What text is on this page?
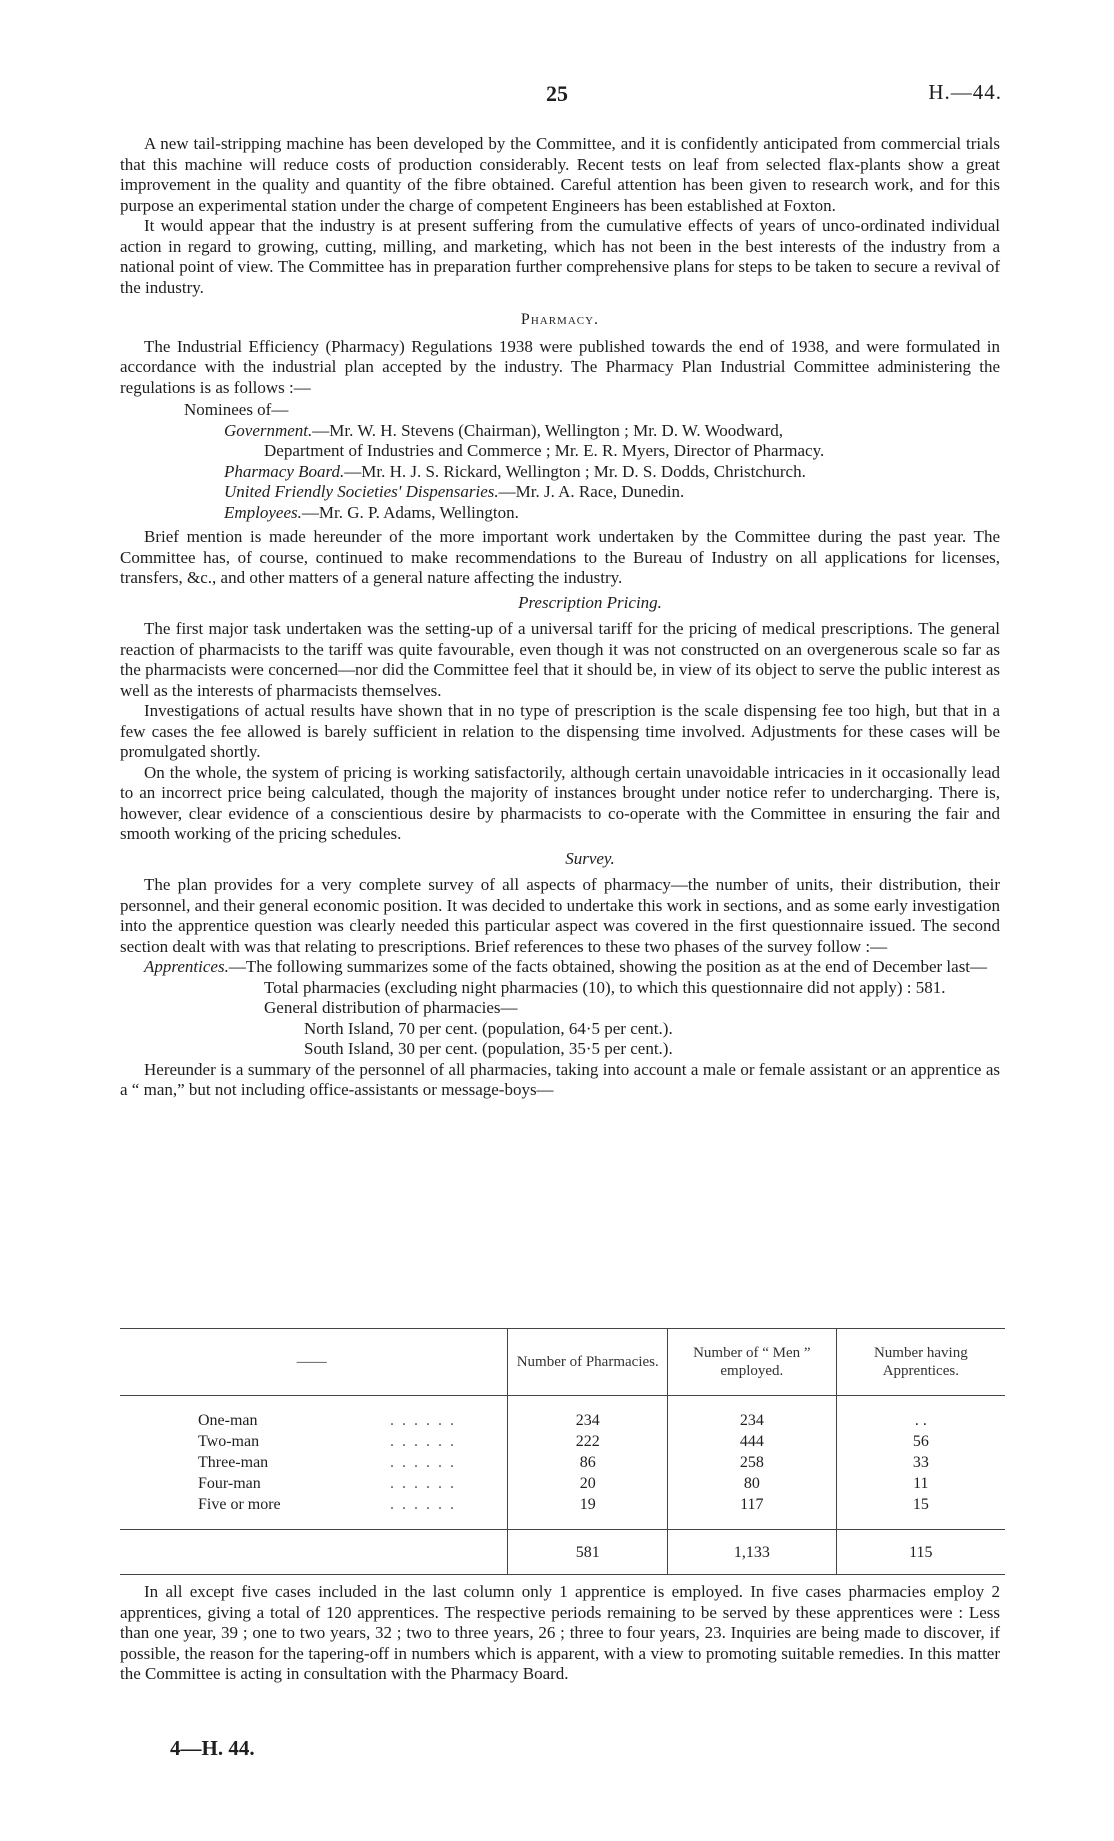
25	H.—44.

A new tail-stripping machine has been developed by the Committee, and it is confidently anticipated from commercial trials that this machine will reduce costs of production considerably. Recent tests on leaf from selected flax-plants show a great improvement in the quality and quantity of the fibre obtained. Careful attention has been given to research work, and for this purpose an experimental station under the charge of competent Engineers has been established at Foxton.

It would appear that the industry is at present suffering from the cumulative effects of years of unco-ordinated individual action in regard to growing, cutting, milling, and marketing, which has not been in the best interests of the industry from a national point of view. The Committee has in preparation further comprehensive plans for steps to be taken to secure a revival of the industry.

Pharmacy.

The Industrial Efficiency (Pharmacy) Regulations 1938 were published towards the end of 1938, and were formulated in accordance with the industrial plan accepted by the industry. The Pharmacy Plan Industrial Committee administering the regulations is as follows :—

Nominees of—
Government.—Mr. W. H. Stevens (Chairman), Wellington ; Mr. D. W. Woodward,
Department of Industries and Commerce ; Mr. E. R. Myers, Director of Pharmacy.
Pharmacy Board.—Mr. H. J. S. Rickard, Wellington ; Mr. D. S. Dodds, Christchurch.
United Friendly Societies' Dispensaries.—Mr. J. A. Race, Dunedin.
Employees.—Mr. G. P. Adams, Wellington.

Brief mention is made hereunder of the more important work undertaken by the Committee during the past year. The Committee has, of course, continued to make recommendations to the Bureau of Industry on all applications for licenses, transfers, &c., and other matters of a general nature affecting the industry.

Prescription Pricing.

The first major task undertaken was the setting-up of a universal tariff for the pricing of medical prescriptions. The general reaction of pharmacists to the tariff was quite favourable, even though it was not constructed on an overgenerous scale so far as the pharmacists were concerned—nor did the Committee feel that it should be, in view of its object to serve the public interest as well as the interests of pharmacists themselves.

Investigations of actual results have shown that in no type of prescription is the scale dispensing fee too high, but that in a few cases the fee allowed is barely sufficient in relation to the dispensing time involved. Adjustments for these cases will be promulgated shortly.

On the whole, the system of pricing is working satisfactorily, although certain unavoidable intricacies in it occasionally lead to an incorrect price being calculated, though the majority of instances brought under notice refer to undercharging. There is, however, clear evidence of a conscientious desire by pharmacists to co-operate with the Committee in ensuring the fair and smooth working of the pricing schedules.

Survey.

The plan provides for a very complete survey of all aspects of pharmacy—the number of units, their distribution, their personnel, and their general economic position. It was decided to undertake this work in sections, and as some early investigation into the apprentice question was clearly needed this particular aspect was covered in the first questionnaire issued. The second section dealt with was that relating to prescriptions. Brief references to these two phases of the survey follow :—

Apprentices.—The following summarizes some of the facts obtained, showing the position as at the end of December last—

Total pharmacies (excluding night pharmacies (10), to which this questionnaire did not apply) : 581.
General distribution of pharmacies—
North Island, 70 per cent. (population, 64·5 per cent.).
South Island, 30 per cent. (population, 35·5 per cent.).

Hereunder is a summary of the personnel of all pharmacies, taking into account a male or female assistant or an apprentice as a “ man,” but not including office-assistants or message-boys—

——	Number of Pharmacies.	Number of “ Men ” employed.	Number having Apprentices.

One-man . . . . . .	234	234	. .
Two-man . . . . . .	222	444	56
Three-man . . . . . .	86	258	33
Four-man . . . . . .	20	80	11
Five or more . . . . . .	19	117	15

	581	1,133	115

In all except five cases included in the last column only 1 apprentice is employed. In five cases pharmacies employ 2 apprentices, giving a total of 120 apprentices. The respective periods remaining to be served by these apprentices were : Less than one year, 39 ; one to two years, 32 ; two to three years, 26 ; three to four years, 23. Inquiries are being made to discover, if possible, the reason for the tapering-off in numbers which is apparent, with a view to promoting suitable remedies. In this matter the Committee is acting in consultation with the Pharmacy Board.

4—H. 44.
